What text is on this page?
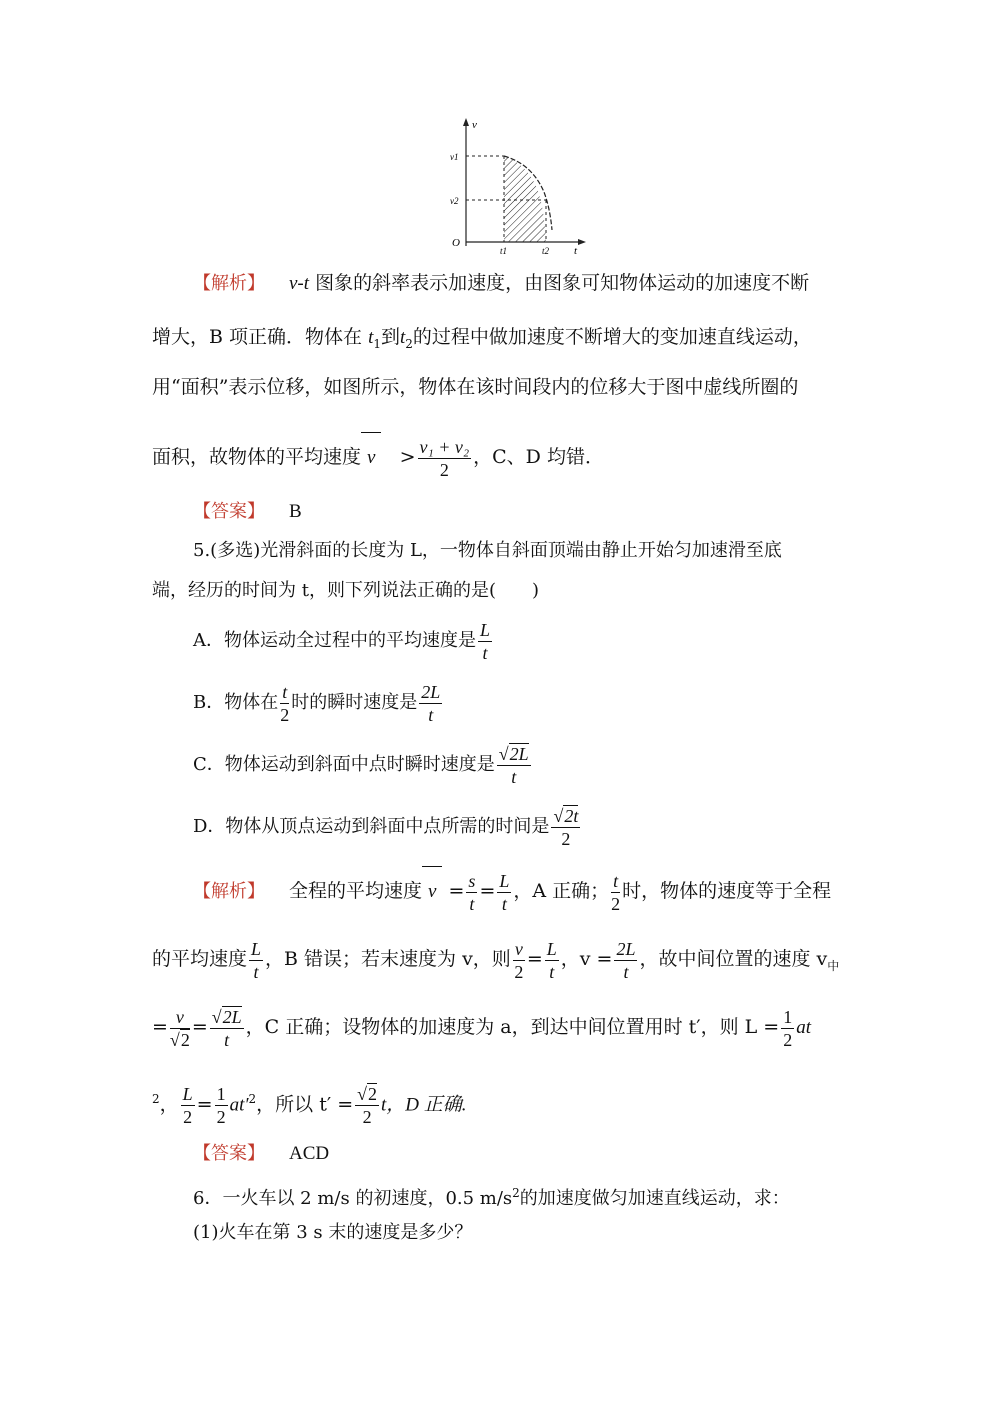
v
t
O
v1
v2
t1	t2
【解析】 v-t 图象的斜率表示加速度，由图象可知物体运动的加速度不断
增大，B 项正确．物体在 $t_1$到$t_2$的过程中做加速度不断增大的变加速直线运动，
用“面积”表示位移，如图所示，物体在该时间段内的位移大于图中虚线所圈的
面积，故物体的平均速度 $v > \frac{\text{v₁ + v₂}}{2}$ ，C、D 均错．
【答案】 B
5.(多选)光滑斜面的长度为 L，一物体自斜面顶端由静止开始匀加速滑至底
端，经历的时间为 t，则下列说法正确的是(　　)
A．物体运动全过程中的平均速度是 $\frac{L}{t}$
B．物体在 $\frac{t}{2}$ 时的瞬时速度是 $\frac{2L}{t}$
C．物体运动到斜面中点时瞬时速度是 $\frac{√2L}{t}$
D．物体从顶点运动到斜面中点所需的时间是 $\frac{√2t}{2}$
【解析】 全程的平均速度 $v = \frac{s}{t} = \frac{L}{t}$ ，A 正确； $\frac{t}{2}$ 时，物体的速度等于全程
的平均速度 $\frac{L}{t}$ ，B 错误；若末速度为 v，则 $\frac{v}{2} = \frac{L}{t}$ ，$v = \frac{2L}{t}$ ，故中间位置的速度 $v_中$
= $\frac{v}{√2} = \frac{√2L}{t}$ ，C 正确；设物体的加速度为 a，到达中间位置用时 t′，则 $L = \frac{1}{2}$ at
$^2$， $\frac{L}{2} = \frac{1}{2} at'^2$，所以 $t' = \frac{√2}{2}$ t，D 正确.
【答案】 ACD
6．一火车以 2 m/s 的初速度，0.5 $m/s^2$的加速度做匀加速直线运动，求：
(1)火车在第 3 s 末的速度是多少？
